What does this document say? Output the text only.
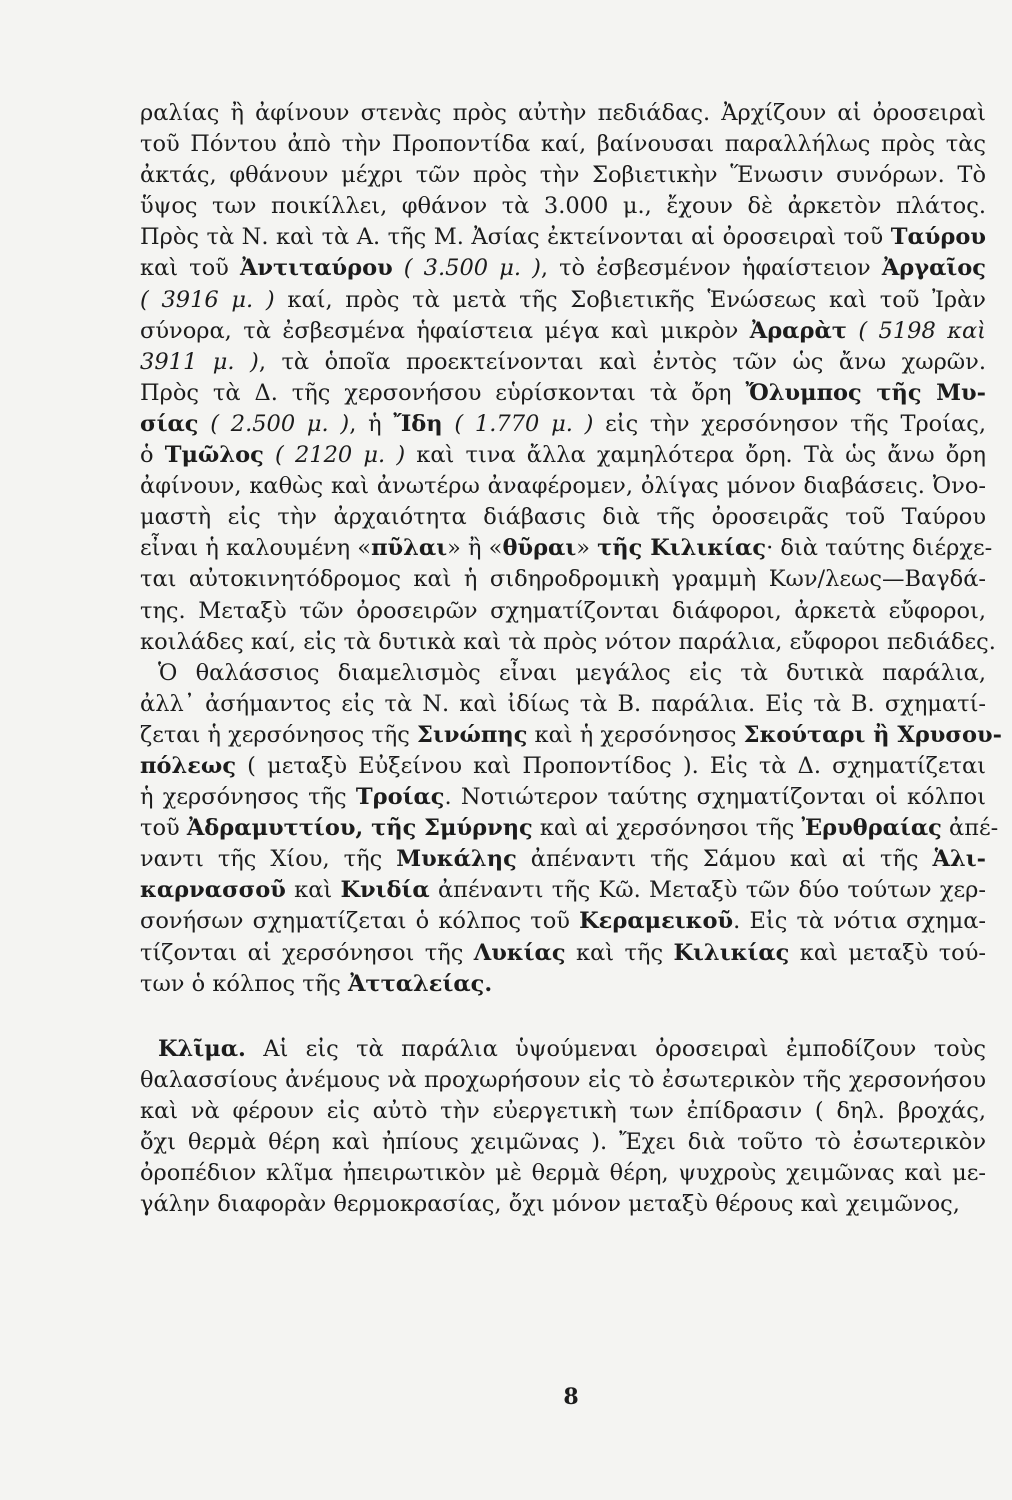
ραλίας ἢ ἀφίνουν στενὰς πρὸς αὐτὴν πεδιάδας. Ἀρχίζουν αἱ ὀροσειραὶ
τοῦ Πόντου ἀπὸ τὴν Προποντίδα καί, βαίνουσαι παραλλήλως πρὸς τὰς
ἀκτάς, φθάνουν μέχρι τῶν πρὸς τὴν Σοβιετικὴν Ἕνωσιν συνόρων. Τὸ
ὕψος των ποικίλλει, φθάνον τὰ 3.000 μ., ἔχουν δὲ ἀρκετὸν πλάτος.
Πρὸς τὰ Ν. καὶ τὰ Α. τῆς Μ. Ἀσίας ἐκτείνονται αἱ ὀροσειραὶ τοῦ Ταύρου
καὶ τοῦ Ἀντιταύρου ( 3.500 μ. ), τὸ ἐσβεσμένον ἡφαίστειον Ἀργαῖος
( 3916 μ. ) καί, πρὸς τὰ μετὰ τῆς Σοβιετικῆς Ἑνώσεως καὶ τοῦ Ἰρὰν
σύνορα, τὰ ἐσβεσμένα ἡφαίστεια μέγα καὶ μικρὸν Ἀραρὰτ ( 5198 καὶ
3911 μ. ), τὰ ὁποῖα προεκτείνονται καὶ ἐντὸς τῶν ὡς ἄνω χωρῶν.
Πρὸς τὰ Δ. τῆς χερσονήσου εὑρίσκονται τὰ ὄρη Ὄλυμπος τῆς Μυ-
σίας ( 2.500 μ. ), ἡ Ἴδη ( 1.770 μ. ) εἰς τὴν χερσόνησον τῆς Τροίας,
ὁ Τμῶλος ( 2120 μ. ) καὶ τινα ἄλλα χαμηλότερα ὄρη. Τὰ ὡς ἄνω ὄρη
ἀφίνουν, καθὼς καὶ ἀνωτέρω ἀναφέρομεν, ὀλίγας μόνον διαβάσεις. Ὀνο-
μαστὴ εἰς τὴν ἀρχαιότητα διάβασις διὰ τῆς ὀροσειρᾶς τοῦ Ταύρου
εἶναι ἡ καλουμένη «πῦλαι» ἢ «θῦραι» τῆς Κιλικίας· διὰ ταύτης διέρχε-
ται αὐτοκινητόδρομος καὶ ἡ σιδηροδρομικὴ γραμμὴ Κων/λεως—Βαγδά-
της. Μεταξὺ τῶν ὀροσειρῶν σχηματίζονται διάφοροι, ἀρκετὰ εὔφοροι,
κοιλάδες καί, εἰς τὰ δυτικὰ καὶ τὰ πρὸς νότον παράλια, εὔφοροι πεδιάδες.
Ὁ θαλάσσιος διαμελισμὸς εἶναι μεγάλος εἰς τὰ δυτικὰ παράλια,
ἀλλ᾽ ἀσήμαντος εἰς τὰ Ν. καὶ ἰδίως τὰ Β. παράλια. Εἰς τὰ Β. σχηματί-
ζεται ἡ χερσόνησος τῆς Σινώπης καὶ ἡ χερσόνησος Σκούταρι ἢ Χρυσου-
πόλεως ( μεταξὺ Εὐξείνου καὶ Προποντίδος ). Εἰς τὰ Δ. σχηματίζεται
ἡ χερσόνησος τῆς Τροίας. Νοτιώτερον ταύτης σχηματίζονται οἱ κόλποι
τοῦ Ἀδραμυττίου, τῆς Σμύρνης καὶ αἱ χερσόνησοι τῆς Ἐρυθραίας ἀπέ-
ναντι τῆς Χίου, τῆς Μυκάλης ἀπέναντι τῆς Σάμου καὶ αἱ τῆς Ἁλι-
καρνασσοῦ καὶ Κνιδία ἀπέναντι τῆς Κῶ. Μεταξὺ τῶν δύο τούτων χερ-
σονήσων σχηματίζεται ὁ κόλπος τοῦ Κεραμεικοῦ. Εἰς τὰ νότια σχημα-
τίζονται αἱ χερσόνησοι τῆς Λυκίας καὶ τῆς Κιλικίας καὶ μεταξὺ τού-
των ὁ κόλπος τῆς Ἀτταλείας.
Κλῖμα. Αἱ εἰς τὰ παράλια ὑψούμεναι ὀροσειραὶ ἐμποδίζουν τοὺς
θαλασσίους ἀνέμους νὰ προχωρήσουν εἰς τὸ ἐσωτερικὸν τῆς χερσονήσου
καὶ νὰ φέρουν εἰς αὐτὸ τὴν εὐεργετικὴ των ἐπίδρασιν ( δηλ. βροχάς,
ὄχι θερμὰ θέρη καὶ ἠπίους χειμῶνας ). Ἔχει διὰ τοῦτο τὸ ἐσωτερικὸν
ὀροπέδιον κλῖμα ἠπειρωτικὸν μὲ θερμὰ θέρη, ψυχροὺς χειμῶνας καὶ με-
γάλην διαφορὰν θερμοκρασίας, ὄχι μόνον μεταξὺ θέρους καὶ χειμῶνος,
8
